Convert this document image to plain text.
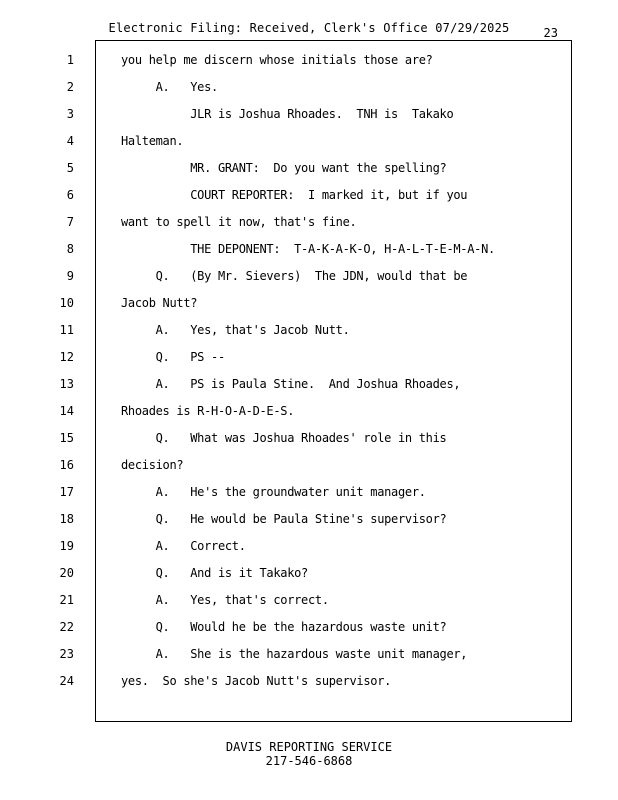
Electronic Filing: Received, Clerk's Office 07/29/2025	23
1
2
3
4
5
6
7
8
9
10
11
12
13
14
15
16
17
18
19
20
21
22
23
24
you help me discern whose initials those are?
A.   Yes.
JLR is Joshua Rhoades.  TNH is  Takako
Halteman.
MR. GRANT:  Do you want the spelling?
COURT REPORTER:  I marked it, but if you
want to spell it now, that's fine.
THE DEPONENT:  T-A-K-A-K-O, H-A-L-T-E-M-A-N.
Q.   (By Mr. Sievers)  The JDN, would that be
Jacob Nutt?
A.   Yes, that's Jacob Nutt.
Q.   PS --
A.   PS is Paula Stine.  And Joshua Rhoades,
Rhoades is R-H-O-A-D-E-S.
Q.   What was Joshua Rhoades' role in this
decision?
A.   He's the groundwater unit manager.
Q.   He would be Paula Stine's supervisor?
A.   Correct.
Q.   And is it Takako?
A.   Yes, that's correct.
Q.   Would he be the hazardous waste unit?
A.   She is the hazardous waste unit manager,
yes.  So she's Jacob Nutt's supervisor.
DAVIS REPORTING SERVICE
217-546-6868
